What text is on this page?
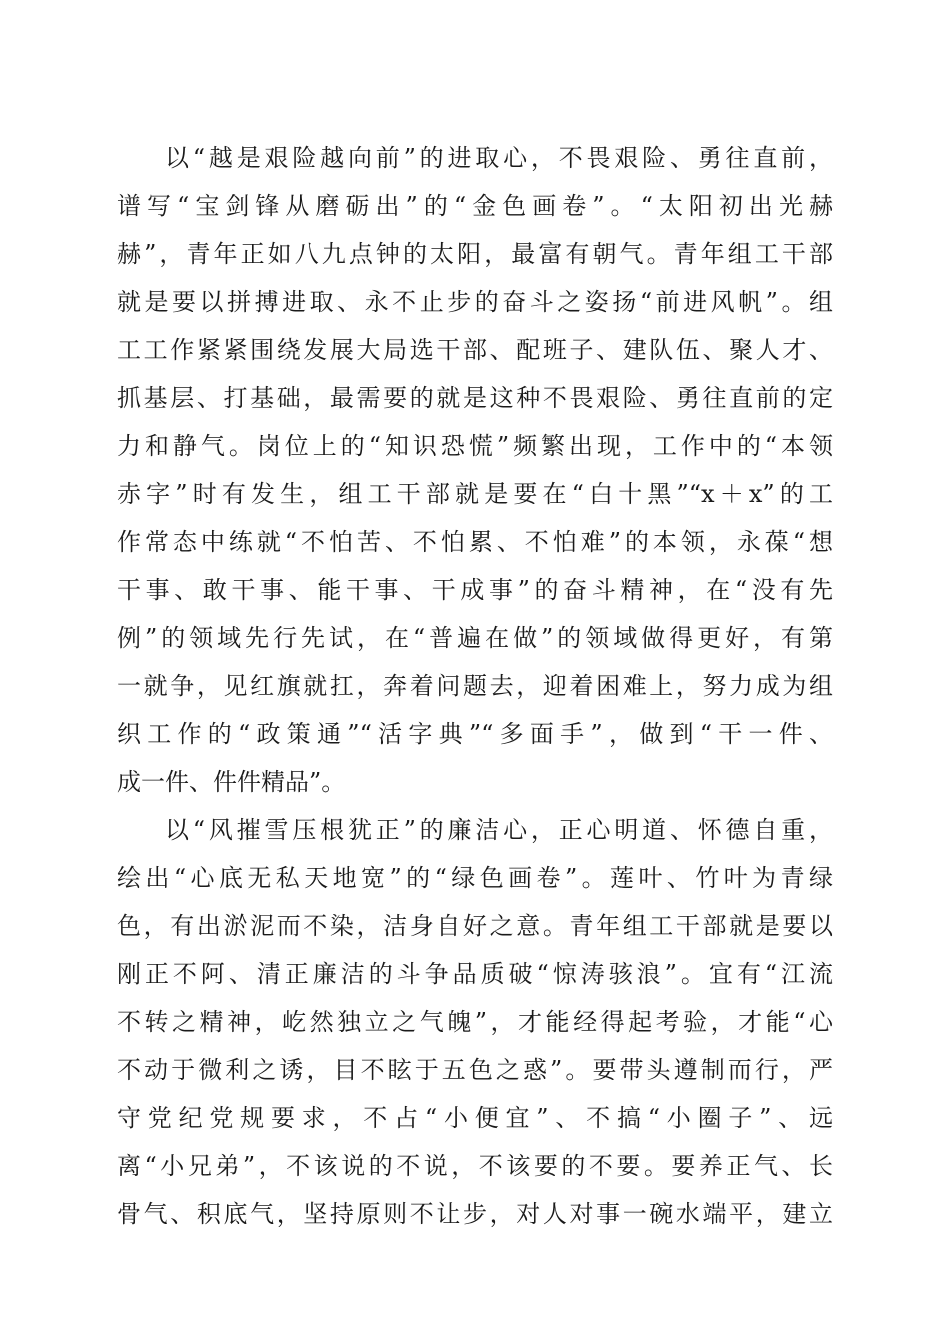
以“越是艰险越向前”的进取心，不畏艰险、勇往直前，
谱写“宝剑锋从磨砺出”的“金色画卷”。“太阳初出光赫
赫”，青年正如八九点钟的太阳，最富有朝气。青年组工干部
就是要以拼搏进取、永不止步的奋斗之姿扬“前进风帆”。组
工工作紧紧围绕发展大局选干部、配班子、建队伍、聚人才、
抓基层、打基础，最需要的就是这种不畏艰险、勇往直前的定
力和静气。岗位上的“知识恐慌”频繁出现，工作中的“本领
赤字”时有发生，组工干部就是要在“白十黑”“x＋x”的工
作常态中练就“不怕苦、不怕累、不怕难”的本领，永葆“想
干事、敢干事、能干事、干成事”的奋斗精神，在“没有先
例”的领域先行先试，在“普遍在做”的领域做得更好，有第
一就争，见红旗就扛，奔着问题去，迎着困难上，努力成为组
织工作的“政策通”“活字典”“多面手”，做到“干一件、
成一件、件件精品”。
以“风摧雪压根犹正”的廉洁心，正心明道、怀德自重，
绘出“心底无私天地宽”的“绿色画卷”。莲叶、竹叶为青绿
色，有出淤泥而不染，洁身自好之意。青年组工干部就是要以
刚正不阿、清正廉洁的斗争品质破“惊涛骇浪”。宜有“江流
不转之精神，屹然独立之气魄”，才能经得起考验，才能“心
不动于微利之诱，目不眩于五色之惑”。要带头遵制而行，严
守党纪党规要求，不占“小便宜”、不搞“小圈子”、远
离“小兄弟”，不该说的不说，不该要的不要。要养正气、长
骨气、积底气，坚持原则不让步，对人对事一碗水端平，建立
